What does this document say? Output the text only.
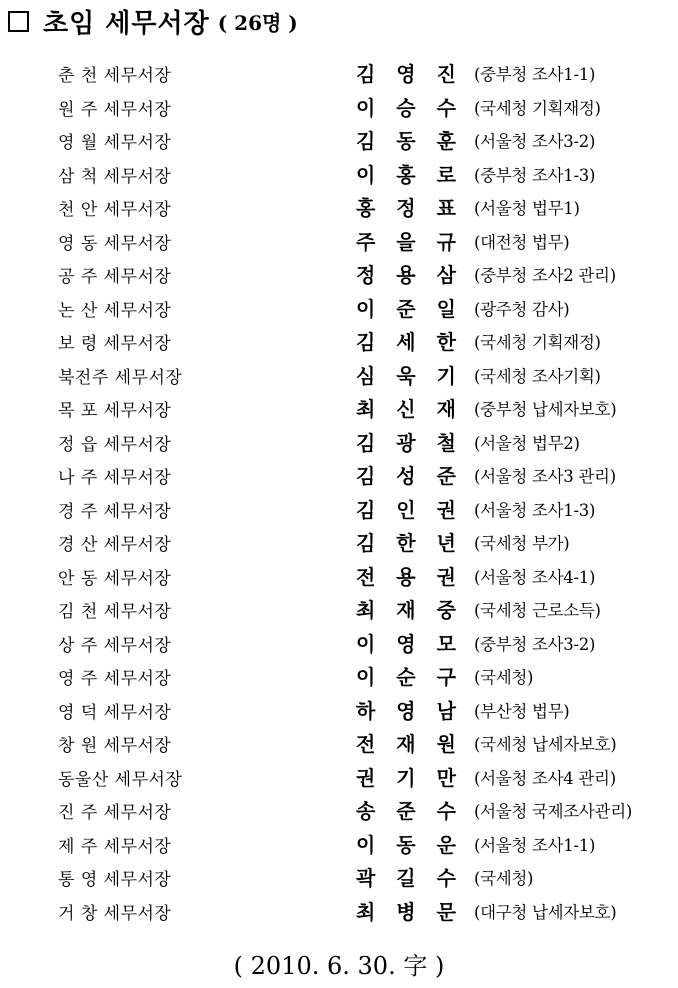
초임 세무서장 ( 26명 )
춘 천 세무서장	김 영 진 (중부청 조사1-1)
원 주 세무서장	이 승 수 (국세청 기획재정)
영 월 세무서장	김 동 훈 (서울청 조사3-2)
삼 척 세무서장	이 홍 로 (중부청 조사1-3)
천 안 세무서장	홍 정 표 (서울청 법무1)
영 동 세무서장	주 을 규 (대전청 법무)
공 주 세무서장	정 용 삼 (중부청 조사2 관리)
논 산 세무서장	이 준 일 (광주청 감사)
보 령 세무서장	김 세 한 (국세청 기획재정)
북전주 세무서장	심 욱 기 (국세청 조사기획)
목 포 세무서장	최 신 재 (중부청 납세자보호)
정 읍 세무서장	김 광 철 (서울청 법무2)
나 주 세무서장	김 성 준 (서울청 조사3 관리)
경 주 세무서장	김 인 권 (서울청 조사1-3)
경 산 세무서장	김 한 년 (국세청 부가)
안 동 세무서장	전 용 권 (서울청 조사4-1)
김 천 세무서장	최 재 중 (국세청 근로소득)
상 주 세무서장	이 영 모 (중부청 조사3-2)
영 주 세무서장	이 순 구 (국세청)
영 덕 세무서장	하 영 남 (부산청 법무)
창 원 세무서장	전 재 원 (국세청 납세자보호)
동울산 세무서장	권 기 만 (서울청 조사4 관리)
진 주 세무서장	송 준 수 (서울청 국제조사관리)
제 주 세무서장	이 동 운 (서울청 조사1-1)
통 영 세무서장	곽 길 수 (국세청)
거 창 세무서장	최 병 문 (대구청 납세자보호)
( 2010. 6. 30. 字 )
